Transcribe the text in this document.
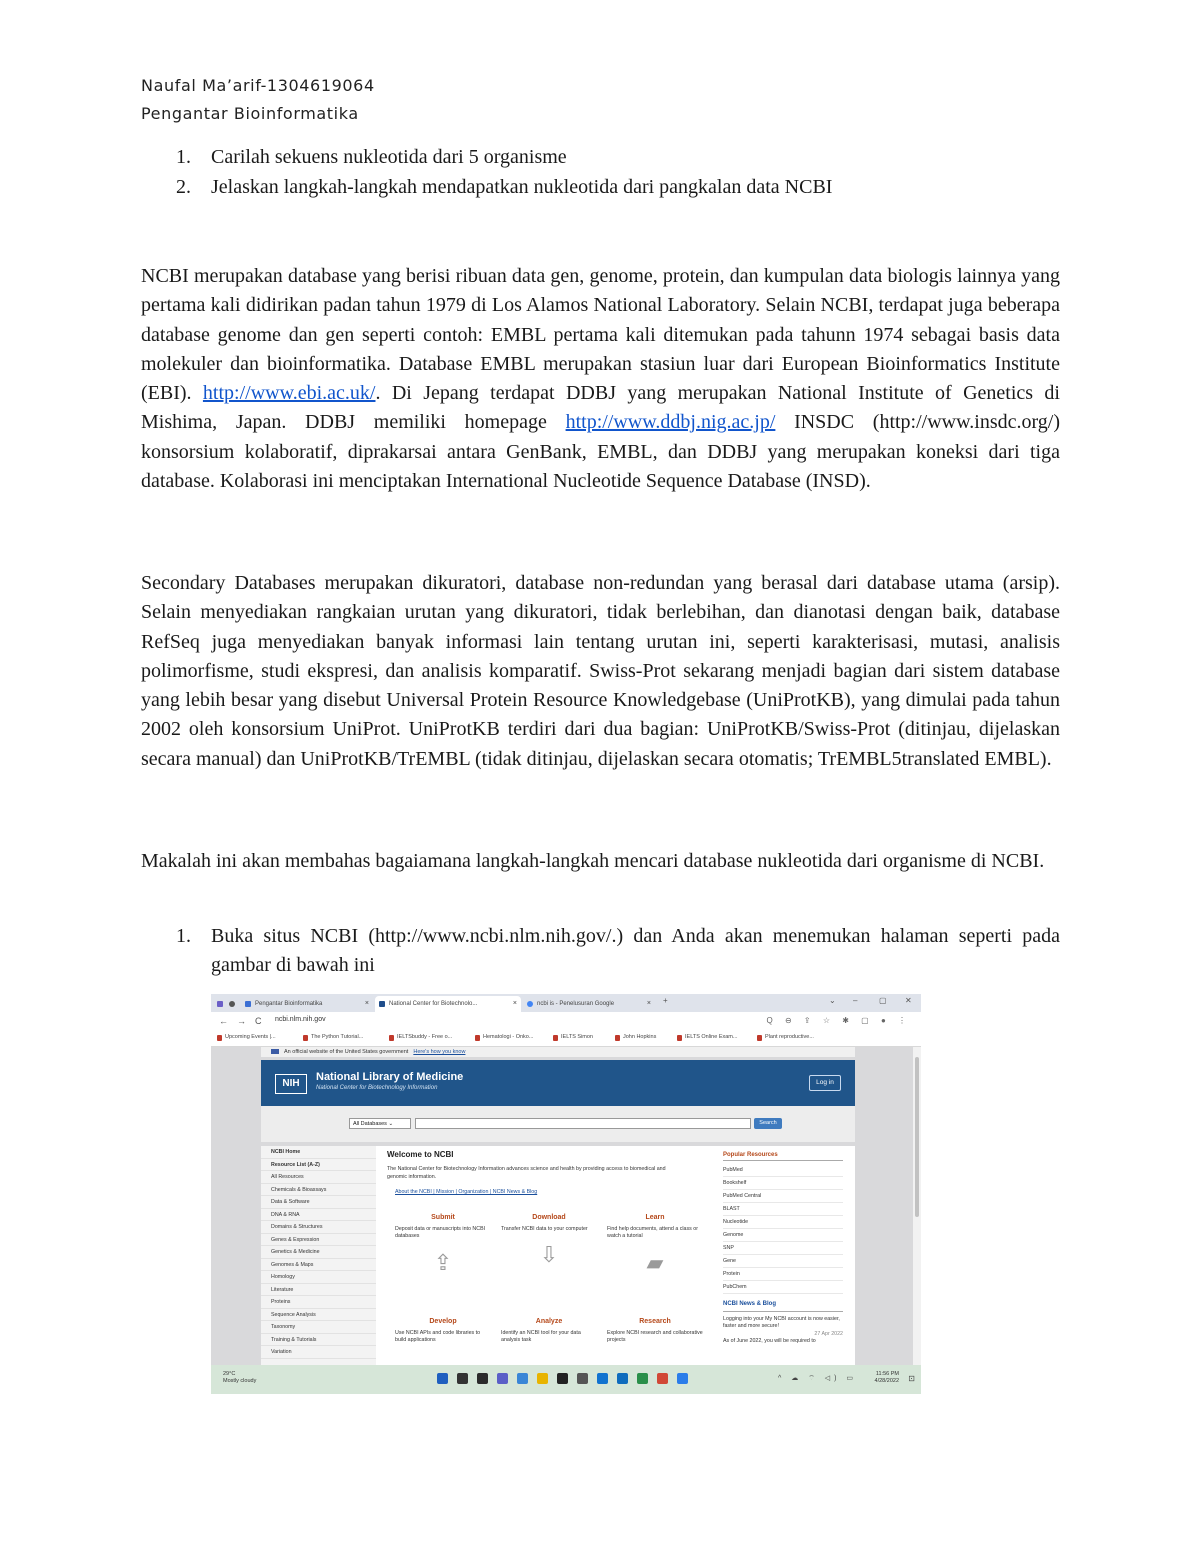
Naufal Ma’arif-1304619064
Pengantar Bioinformatika
1. Carilah sekuens nukleotida dari 5 organisme
2. Jelaskan langkah-langkah mendapatkan nukleotida dari pangkalan data NCBI
NCBI merupakan database yang berisi ribuan data gen, genome, protein, dan kumpulan data biologis lainnya yang pertama kali didirikan padan tahun 1979 di Los Alamos National Laboratory. Selain NCBI, terdapat juga beberapa database genome dan gen seperti contoh: EMBL pertama kali ditemukan pada tahunn 1974 sebagai basis data molekuler dan bioinformatika. Database EMBL merupakan stasiun luar dari European Bioinformatics Institute (EBI). http://www.ebi.ac.uk/. Di Jepang terdapat DDBJ yang merupakan National Institute of Genetics di Mishima, Japan. DDBJ memiliki homepage http://www.ddbj.nig.ac.jp/ INSDC (http://www.insdc.org/) konsorsium kolaboratif, diprakarsai antara GenBank, EMBL, dan DDBJ yang merupakan koneksi dari tiga database. Kolaborasi ini menciptakan International Nucleotide Sequence Database (INSD).
Secondary Databases merupakan dikuratori, database non-redundan yang berasal dari database utama (arsip). Selain menyediakan rangkaian urutan yang dikuratori, tidak berlebihan, dan dianotasi dengan baik, database RefSeq juga menyediakan banyak informasi lain tentang urutan ini, seperti karakterisasi, mutasi, analisis polimorfisme, studi ekspresi, dan analisis komparatif. Swiss-Prot sekarang menjadi bagian dari sistem database yang lebih besar yang disebut Universal Protein Resource Knowledgebase (UniProtKB), yang dimulai pada tahun 2002 oleh konsorsium UniProt. UniProtKB terdiri dari dua bagian: UniProtKB/Swiss-Prot (ditinjau, dijelaskan secara manual) dan UniProtKB/TrEMBL (tidak ditinjau, dijelaskan secara otomatis; TrEMBL5translated EMBL).
Makalah ini akan membahas bagaiamana langkah-langkah mencari database nukleotida dari organisme di NCBI.
1. Buka situs NCBI (http://www.ncbi.nlm.nih.gov/.) dan Anda akan menemukan halaman seperti pada gambar di bawah ini
Pengantar Bioinformatika	×	National Center for Biotechnolo...	×	ncbi is - Penelusuran Google	× +	⌄ –	▢ ✕
← → C ncbi.nlm.nih.gov	Q ⊖ ⇪ ☆ ✱ ▢ ● ⋮
Upcoming Events |...	The Python Tutorial...	IELTSbuddy - Free o...	Hematologi - Onko...	IELTS Simon	John Hopkins	IELTS Online Exam...	Plant reproductive...
An official website of the United States government Here's how you know
NIH
National Library of Medicine
National Center for Biotechnology Information
Log in
All Databases ⌄	Search
NCBI Home
Resource List (A-Z)
All Resources
Chemicals & Bioassays
Data & Software
DNA & RNA
Domains & Structures
Genes & Expression
Genetics & Medicine
Genomes & Maps
Homology
Literature
Proteins
Sequence Analysis
Taxonomy
Training & Tutorials
Variation
Welcome to NCBI
The National Center for Biotechnology Information advances science and health by providing access to biomedical and genomic information.
About the NCBI | Mission | Organization | NCBI News & Blog
Submit
Deposit data or manuscripts into NCBI databases
⇪
Download
Transfer NCBI data to your computer
⇩
Learn
Find help documents, attend a class or watch a tutorial
▰
Develop
Use NCBI APIs and code libraries to build applications
Analyze
Identify an NCBI tool for your data analysis task
Research
Explore NCBI research and collaborative projects
Popular Resources
PubMed
Bookshelf
PubMed Central
BLAST
Nucleotide
Genome
SNP
Gene
Protein
PubChem
NCBI News & Blog
Logging into your My NCBI account is now easier, faster and more secure!
27 Apr 2022
As of June 2022, you will be required to
29°C
Mostly cloudy	^ ☁ ⌔ ◁) ▭
11:56 PM
4/28/2022 ⊡
